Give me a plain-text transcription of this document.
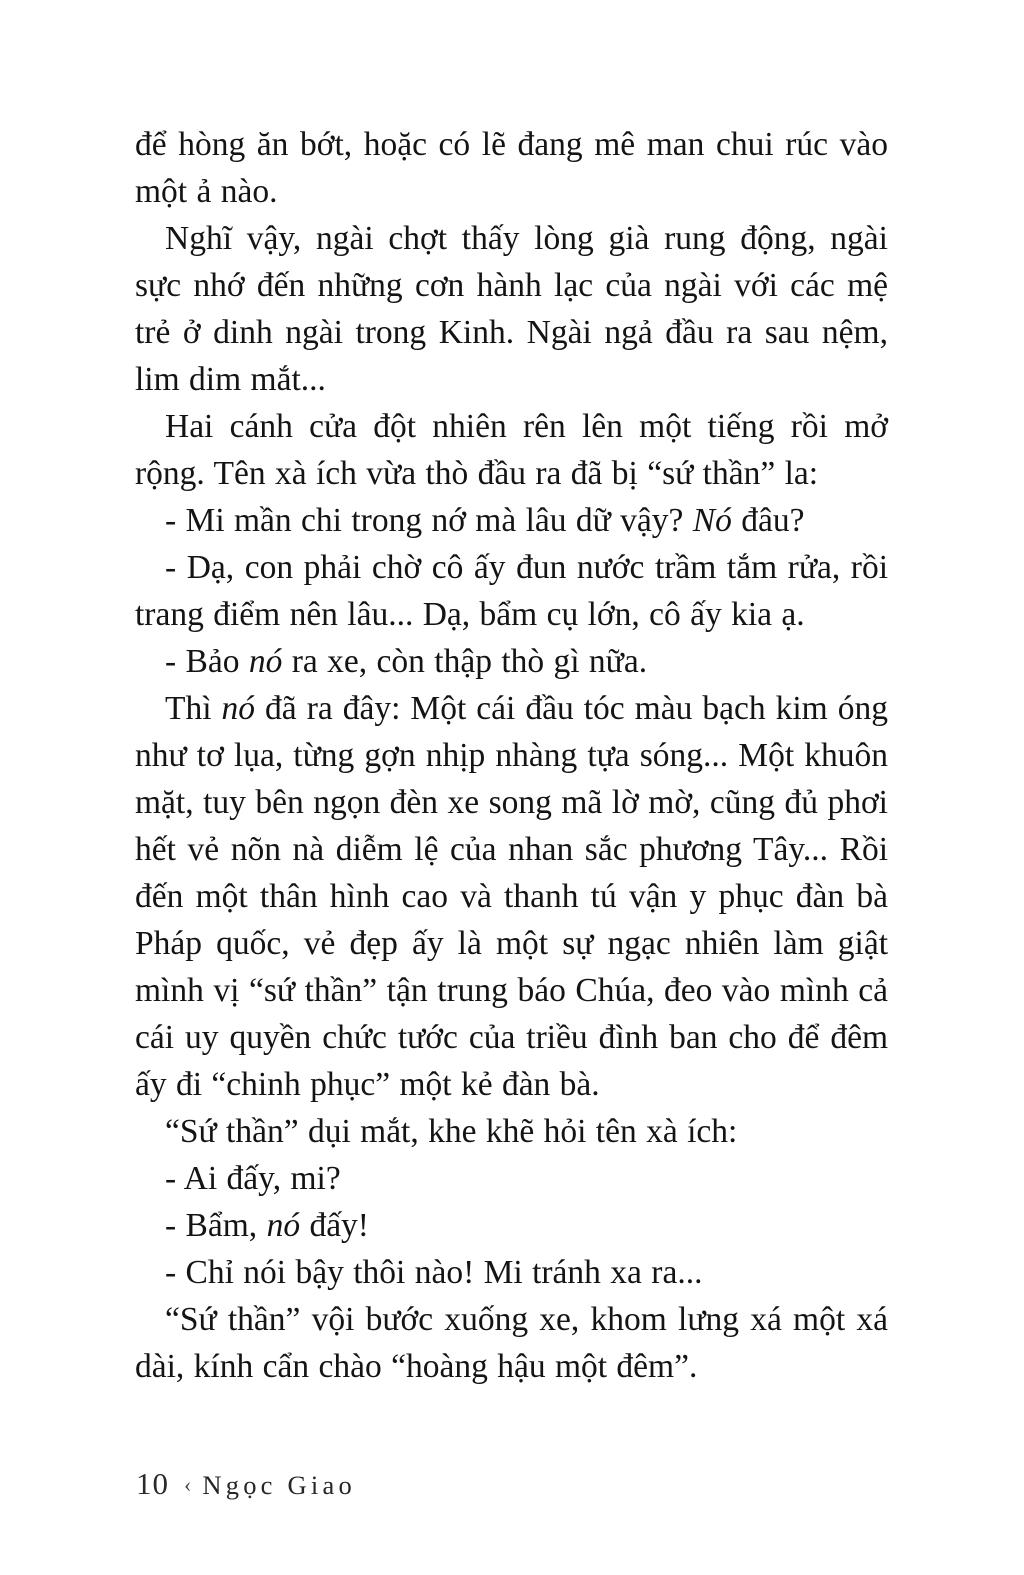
để hòng ăn bớt, hoặc có lẽ đang mê man chui rúc vào một ả nào.

Nghĩ vậy, ngài chợt thấy lòng già rung động, ngài sực nhớ đến những cơn hành lạc của ngài với các mệ trẻ ở dinh ngài trong Kinh. Ngài ngả đầu ra sau nệm, lim dim mắt...

Hai cánh cửa đột nhiên rên lên một tiếng rồi mở rộng. Tên xà ích vừa thò đầu ra đã bị “sứ thần” la:

- Mi mần chi trong nớ mà lâu dữ vậy? Nó đâu?

- Dạ, con phải chờ cô ấy đun nước trầm tắm rửa, rồi trang điểm nên lâu... Dạ, bẩm cụ lớn, cô ấy kia ạ.

- Bảo nó ra xe, còn thập thò gì nữa.

Thì nó đã ra đây: Một cái đầu tóc màu bạch kim óng như tơ lụa, từng gợn nhịp nhàng tựa sóng... Một khuôn mặt, tuy bên ngọn đèn xe song mã lờ mờ, cũng đủ phơi hết vẻ nõn nà diễm lệ của nhan sắc phương Tây... Rồi đến một thân hình cao và thanh tú vận y phục đàn bà Pháp quốc, vẻ đẹp ấy là một sự ngạc nhiên làm giật mình vị “sứ thần” tận trung báo Chúa, đeo vào mình cả cái uy quyền chức tước của triều đình ban cho để đêm ấy đi “chinh phục” một kẻ đàn bà.

“Sứ thần” dụi mắt, khe khẽ hỏi tên xà ích:

- Ai đấy, mi?

- Bẩm, nó đấy!

- Chỉ nói bậy thôi nào! Mi tránh xa ra...

“Sứ thần” vội bước xuống xe, khom lưng xá một xá dài, kính cẩn chào “hoàng hậu một đêm”.

10 ‹ Ngọc Giao
